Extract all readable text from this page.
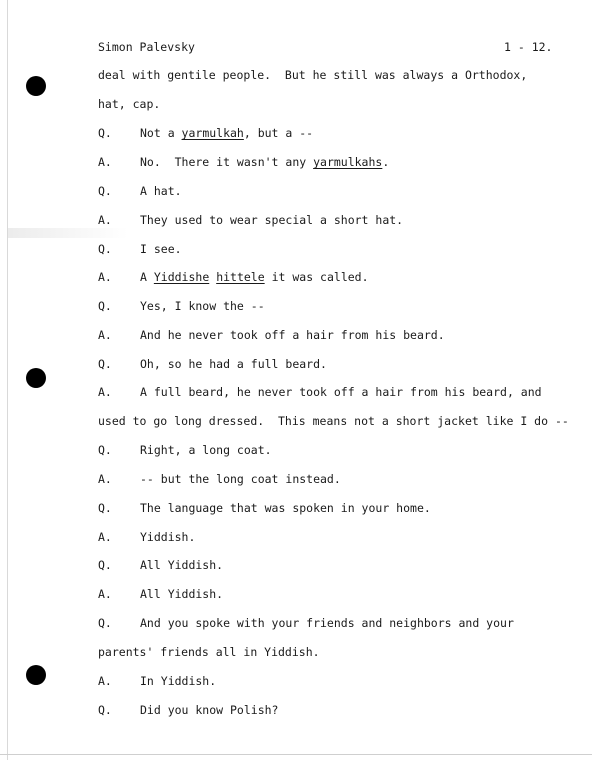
Simon Palevsky	1 - 12.
deal with gentile people.  But he still was always a Orthodox,
hat, cap.
Q. Not a yarmulkah, but a --
A. No.  There it wasn't any yarmulkahs.
Q. A hat.
A. They used to wear special a short hat.
Q. I see.
A. A Yiddishe hittele it was called.
Q. Yes, I know the --
A. And he never took off a hair from his beard.
Q. Oh, so he had a full beard.
A. A full beard, he never took off a hair from his beard, and
used to go long dressed.  This means not a short jacket like I do --
Q. Right, a long coat.
A. -- but the long coat instead.
Q. The language that was spoken in your home.
A. Yiddish.
Q. All Yiddish.
A. All Yiddish.
Q. And you spoke with your friends and neighbors and your
parents' friends all in Yiddish.
A. In Yiddish.
Q. Did you know Polish?
